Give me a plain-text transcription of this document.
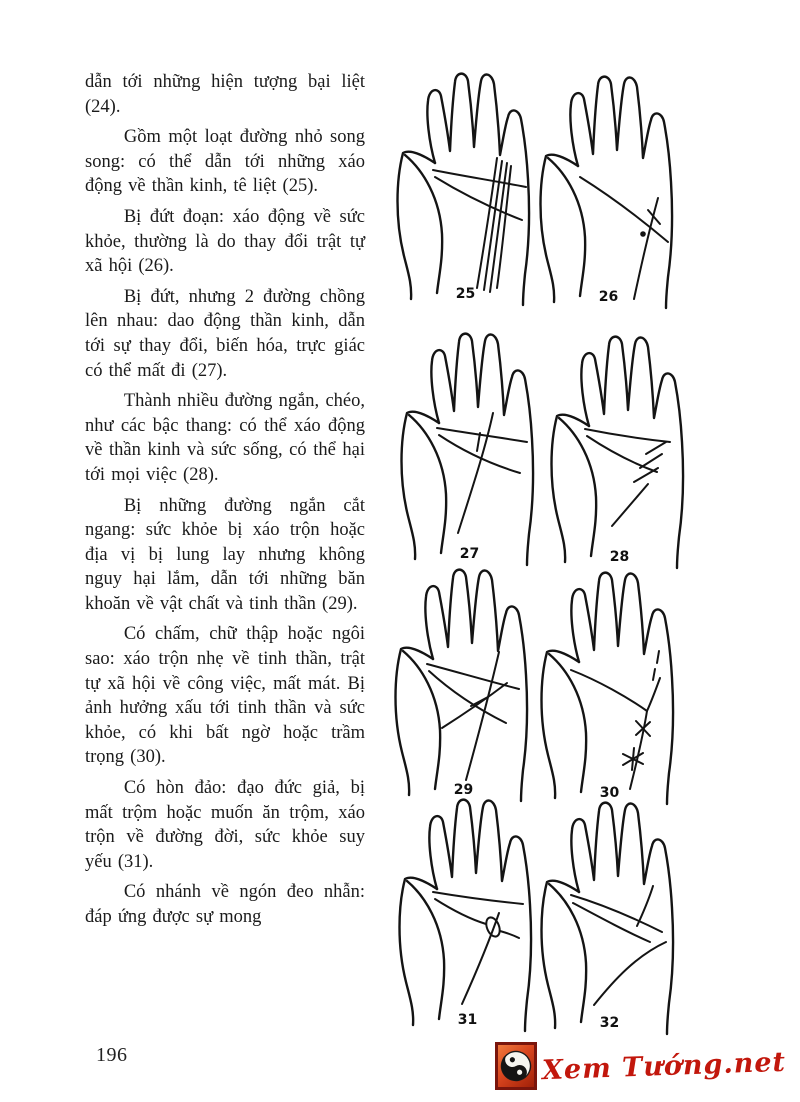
dẫn tới những hiện tượng bại liệt (24).

Gồm một loạt đường nhỏ song song: có thể dẫn tới những xáo động về thần kinh, tê liệt (25).

Bị đứt đoạn: xáo động về sức khỏe, thường là do thay đổi trật tự xã hội (26).

Bị đứt, nhưng 2 đường chồng lên nhau: dao động thần kinh, dẫn tới sự thay đổi, biến hóa, trực giác có thể mất đi (27).

Thành nhiều đường ngắn, chéo, như các bậc thang: có thể xáo động về thần kinh và sức sống, có thể hại tới mọi việc (28).

Bị những đường ngắn cắt ngang: sức khỏe bị xáo trộn hoặc địa vị bị lung lay nhưng không nguy hại lắm, dẫn tới những băn khoăn về vật chất và tinh thần (29).

Có chấm, chữ thập hoặc ngôi sao: xáo trộn nhẹ về tinh thần, trật tự xã hội về công việc, mất mát. Bị ảnh hưởng xấu tới tinh thần và sức khỏe, có khi bất ngờ hoặc trầm trọng (30).

Có hòn đảo: đạo đức giả, bị mất trộm hoặc muốn ăn trộm, xáo trộn về đường đời, sức khỏe suy yếu (31).

Có nhánh về ngón đeo nhẫn: đáp ứng được sự mong

25	26
27	28
29	30
31	32
196	Xem Tướng.net
